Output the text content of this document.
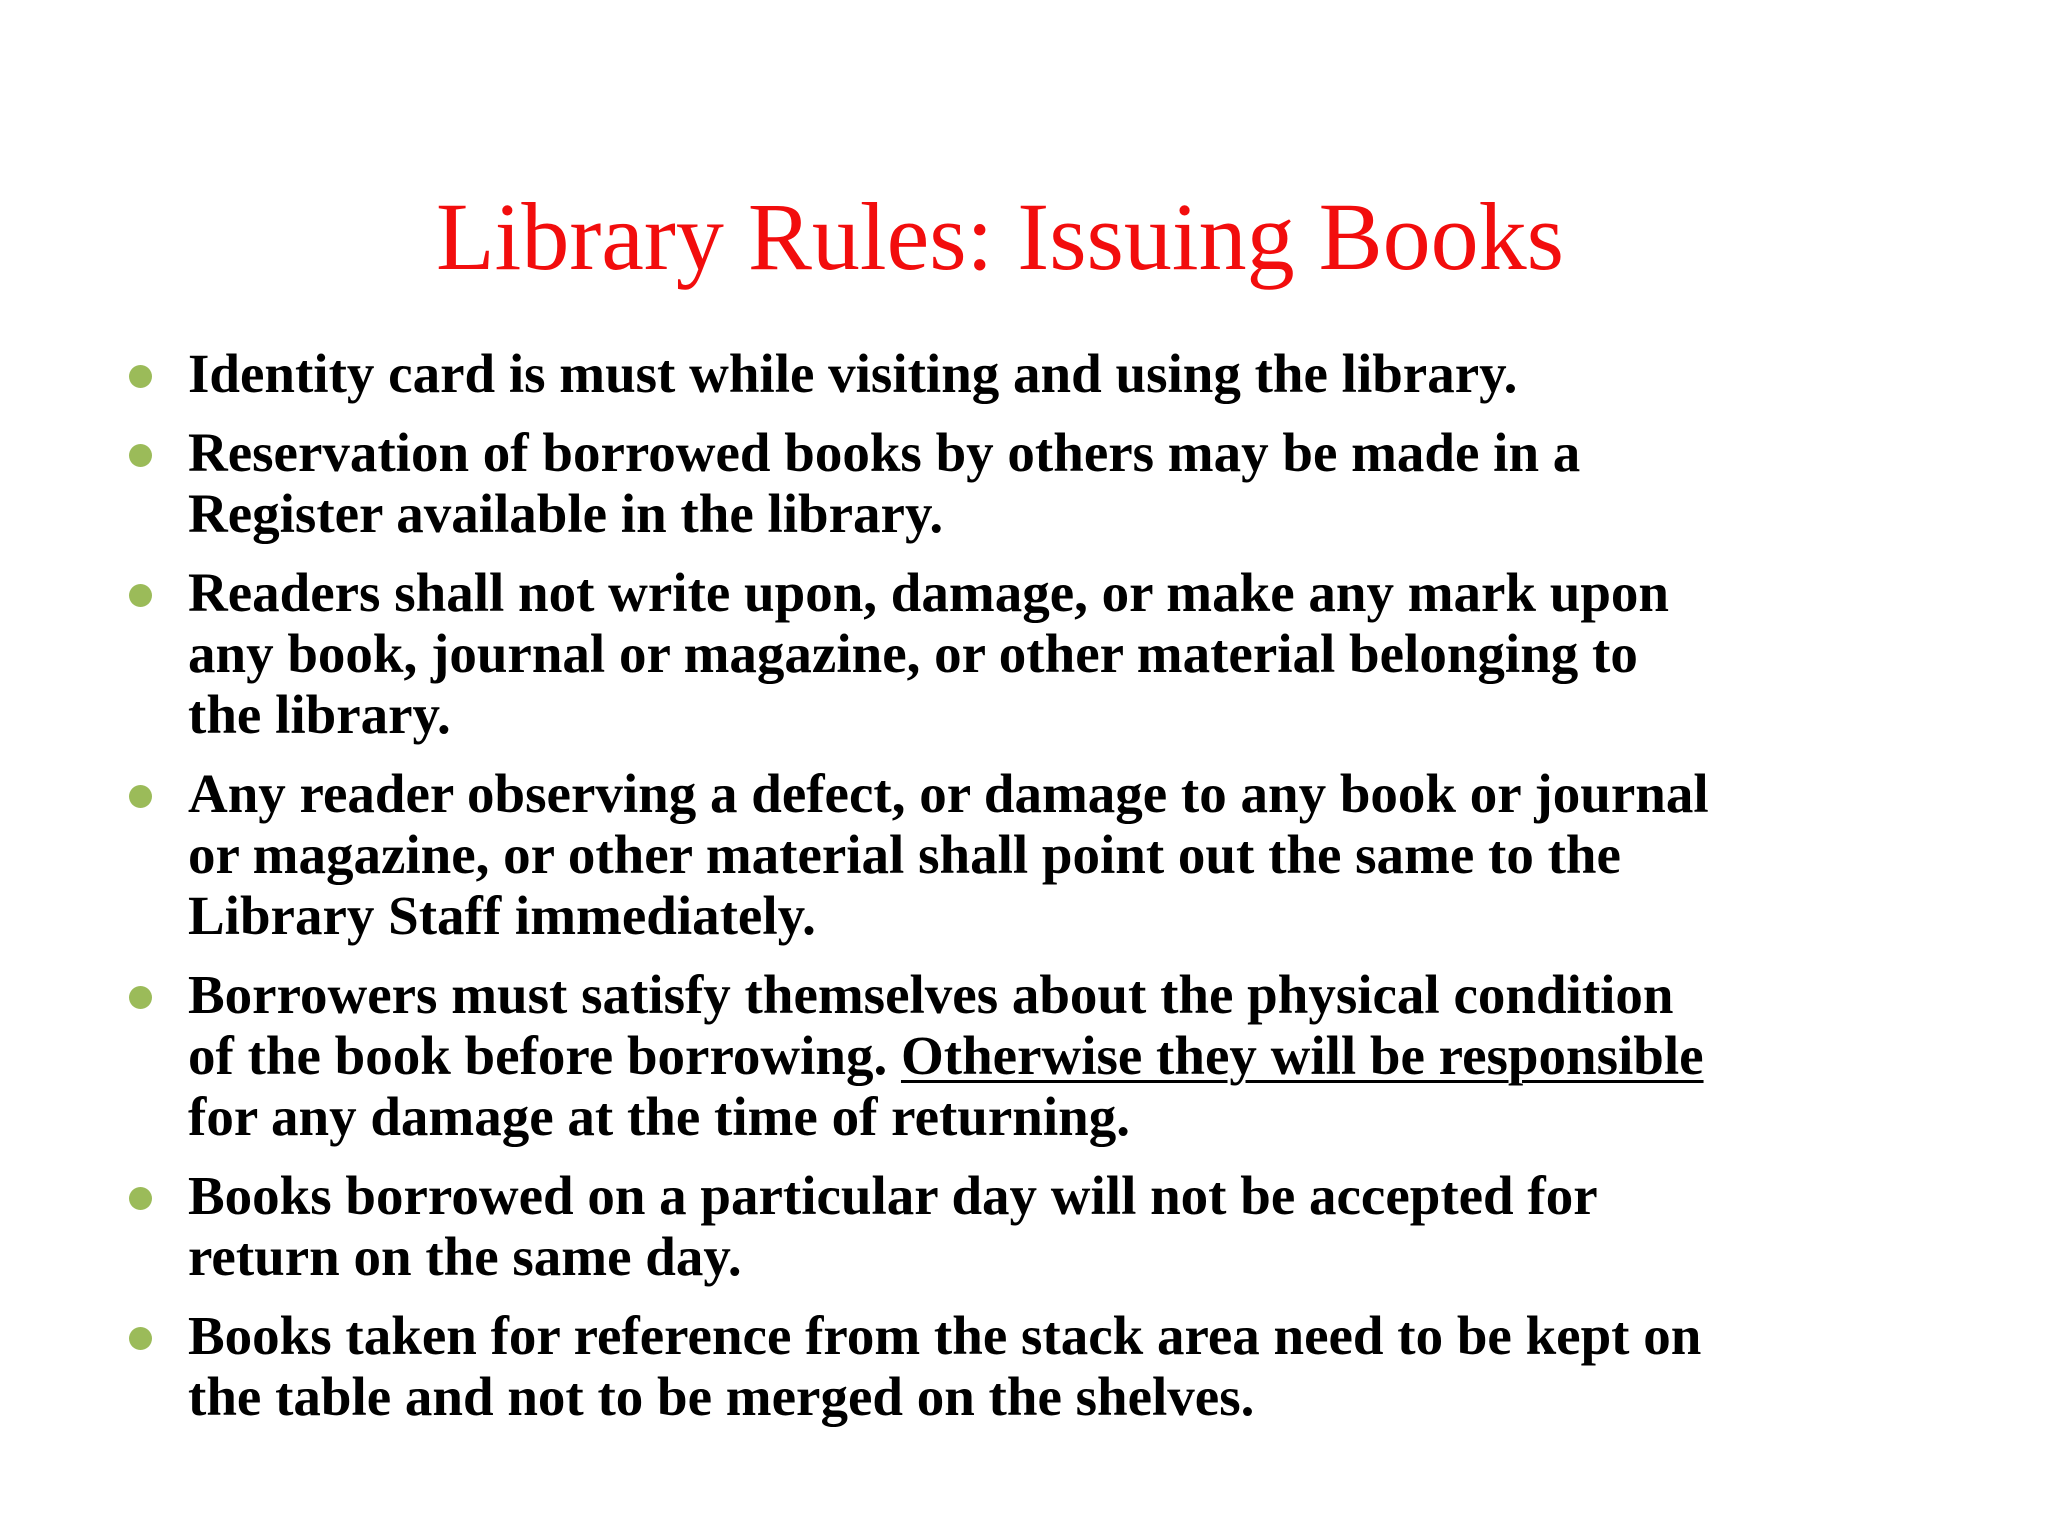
Library Rules: Issuing Books
Identity card is must while visiting and using the library.
Reservation of borrowed books by others may be made in a
Register available in the library.
Readers shall not write upon, damage, or make any mark upon
any book, journal or magazine, or other material belonging to
the library.
Any reader observing a defect, or damage to any book or journal
or magazine, or other material shall point out the same to the
Library Staff immediately.
Borrowers must satisfy themselves about the physical condition
of the book before borrowing. Otherwise they will be responsible
for any damage at the time of returning.
Books borrowed on a particular day will not be accepted for
return on the same day.
Books taken for reference from the stack area need to be kept on
the table and not to be merged on the shelves.
